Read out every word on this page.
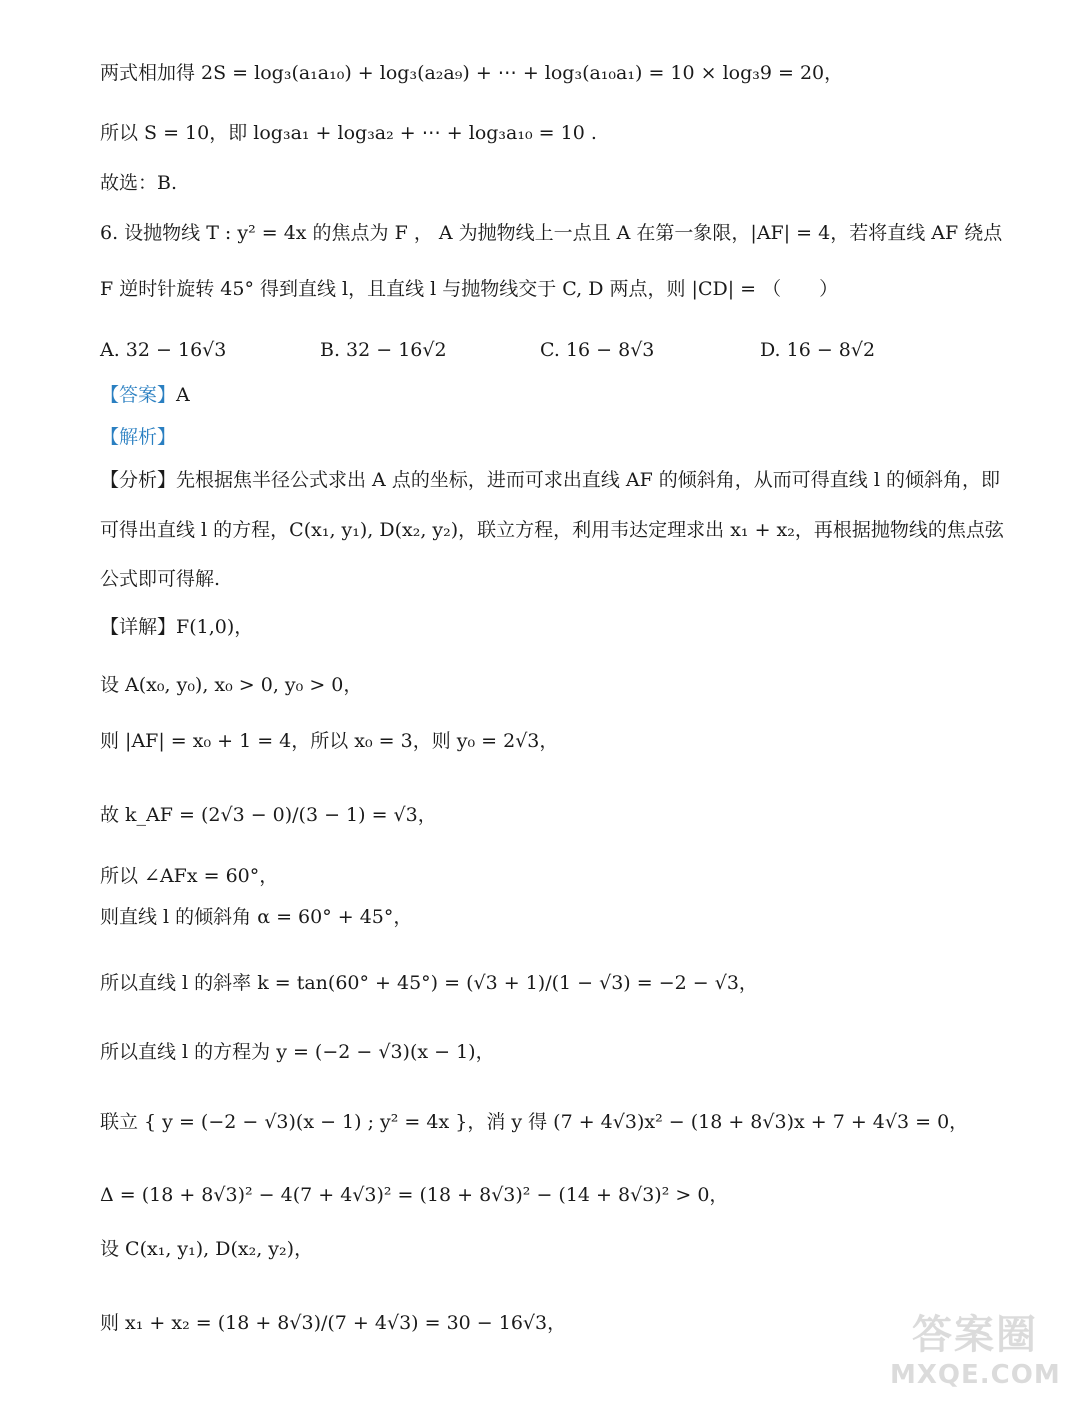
两式相加得 2S = log₃(a₁a₁₀) + log₃(a₂a₉) + ⋯ + log₃(a₁₀a₁) = 10 × log₃9 = 20，

所以 S = 10，即 log₃a₁ + log₃a₂ + ⋯ + log₃a₁₀ = 10 .

故选：B.

6. 设抛物线 T : y² = 4x 的焦点为 F ， A 为抛物线上一点且 A 在第一象限，|AF| = 4，若将直线 AF 绕点

F 逆时针旋转 45° 得到直线 l，且直线 l 与抛物线交于 C, D 两点，则 |CD| = （　　）

A. 32 − 16√3	B. 32 − 16√2	C. 16 − 8√3	D. 16 − 8√2

【答案】A

【解析】

【分析】先根据焦半径公式求出 A 点的坐标，进而可求出直线 AF 的倾斜角，从而可得直线 l 的倾斜角，即

可得出直线 l 的方程，C(x₁, y₁), D(x₂, y₂)，联立方程，利用韦达定理求出 x₁ + x₂，再根据抛物线的焦点弦

公式即可得解.

【详解】F(1,0)，

设 A(x₀, y₀), x₀ > 0, y₀ > 0，

则 |AF| = x₀ + 1 = 4，所以 x₀ = 3，则 y₀ = 2√3，

故 k_AF = (2√3 − 0)/(3 − 1) = √3，

所以 ∠AFx = 60°，

则直线 l 的倾斜角 α = 60° + 45°，

所以直线 l 的斜率 k = tan(60° + 45°) = (√3 + 1)/(1 − √3) = −2 − √3，

所以直线 l 的方程为 y = (−2 − √3)(x − 1)，

联立 { y = (−2 − √3)(x − 1) ; y² = 4x }，消 y 得 (7 + 4√3)x² − (18 + 8√3)x + 7 + 4√3 = 0，

Δ = (18 + 8√3)² − 4(7 + 4√3)² = (18 + 8√3)² − (14 + 8√3)² > 0，

设 C(x₁, y₁), D(x₂, y₂)，

则 x₁ + x₂ = (18 + 8√3)/(7 + 4√3) = 30 − 16√3，	答案圈
MXQE.COM
